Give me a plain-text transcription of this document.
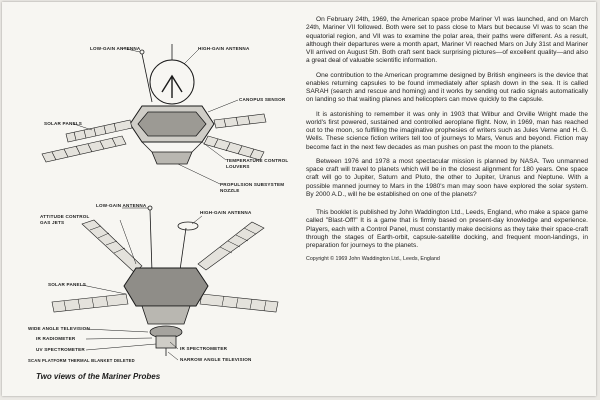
LOW-GAIN ANTENNA	HIGH-GAIN ANTENNA
CANOPUS SENSOR
SOLAR PANELS
TEMPERATURE CONTROL
LOUVERS
PROPULSION SUBSYSTEM
NOZZLE
LOW-GAIN ANTENNA
ATTITUDE CONTROL
GAS JETS
HIGH-GAIN ANTENNA
SOLAR PANELS
WIDE ANGLE TELEVISION
IR RADIOMETER
UV SPECTROMETER	IR SPECTROMETER
NARROW ANGLE TELEVISION
SCAN PLATFORM THERMAL BLANKET DELETED
Two views of the Mariner Probes

On February 24th, 1969, the American space probe Mariner VI was launched, and on March 24th, Mariner VII followed. Both were set to pass close to Mars but because VI was to scan the equatorial region, and VII was to examine the polar area, their paths were different. As a result, although their departures were a month apart, Mariner VI reached Mars on July 31st and Mariner VII arrived on August 5th. Both craft sent back surprising pictures—of excellent quality—and also a great deal of valuable scientific information.

One contribution to the American programme designed by British engineers is the device that enables returning capsules to be found immediately after splash down in the sea. It is called SARAH (search and rescue and homing) and it works by sending out radio signals automatically on landing so that waiting planes and helicopters can move quickly to the capsule.

It is astonishing to remember it was only in 1903 that Wilbur and Orville Wright made the world's first powered, sustained and controlled aeroplane flight. Now, in 1969, man has reached out to the moon, so fulfilling the imaginative prophesies of writers such as Jules Verne and H. G. Wells. These science fiction writers tell too of journeys to Mars, Venus and beyond. Fiction may become fact in the next few decades as man pushes on past the moon to the planets.

Between 1976 and 1978 a most spectacular mission is planned by NASA. Two unmanned space craft will travel to planets which will be in the closest alignment for 180 years. One space craft will go to Jupiter, Saturn and Pluto, the other to Jupiter, Uranus and Neptune. With a possible manned journey to Mars in the 1980's man may soon have explored the solar system. By 2000 A.D., will he be established on one of the planets?

This booklet is published by John Waddington Ltd., Leeds, England, who make a space game called "Blast-Off!" It is a game that is firmly based on present-day knowledge and experience. Players, each with a Control Panel, must constantly make decisions as they take their space-craft through the stages of Earth-orbit, capsule-satellite docking, and frequent moon-landings, in preparation for journeys to the planets.

Copyright © 1969 John Waddington Ltd., Leeds, England
